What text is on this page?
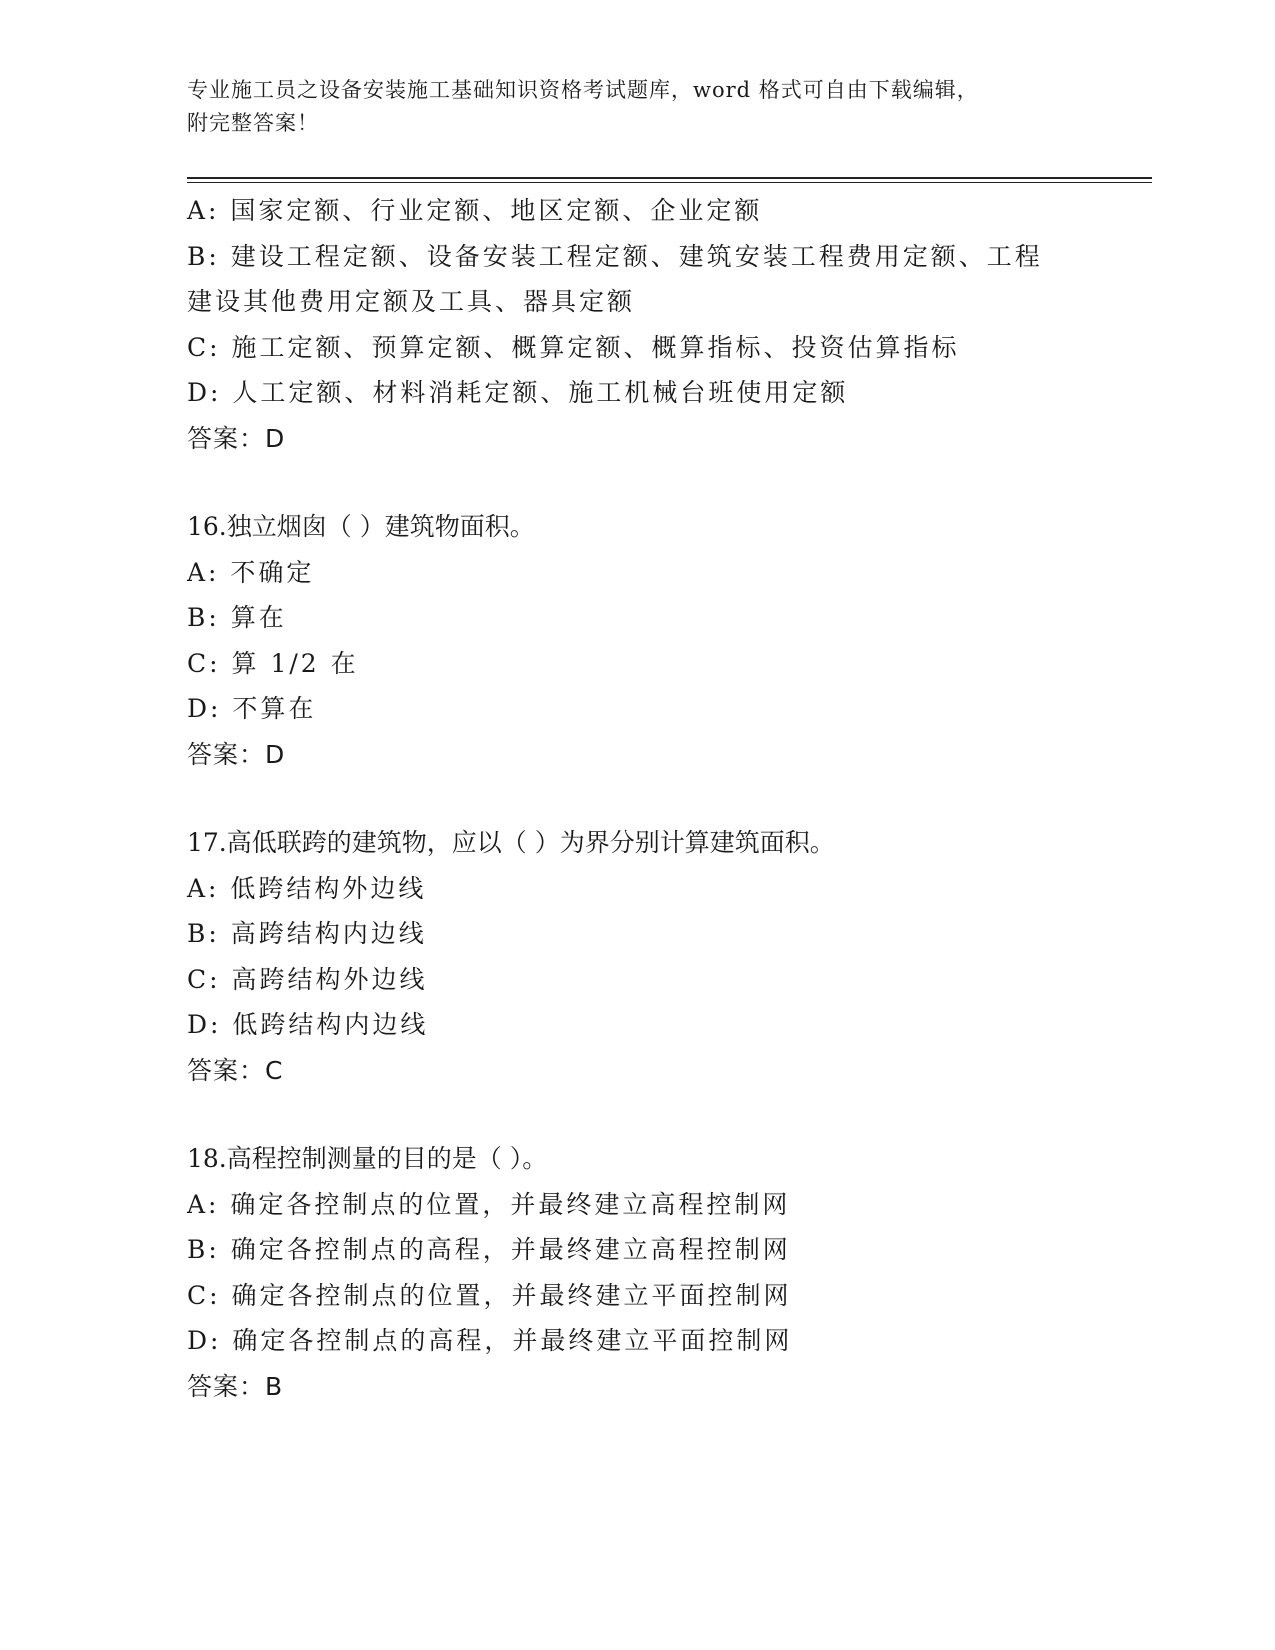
专业施工员之设备安装施工基础知识资格考试题库，word 格式可自由下载编辑，
附完整答案！
A: 国家定额、行业定额、地区定额、企业定额
B: 建设工程定额、设备安装工程定额、建筑安装工程费用定额、工程
建设其他费用定额及工具、器具定额
C: 施工定额、预算定额、概算定额、概算指标、投资估算指标
D: 人工定额、材料消耗定额、施工机械台班使用定额
答案：D
16.独立烟囱（ ）建筑物面积。
A: 不确定
B: 算在
C: 算 1/2 在
D: 不算在
答案：D
17.高低联跨的建筑物，应以（ ）为界分别计算建筑面积。
A: 低跨结构外边线
B: 高跨结构内边线
C: 高跨结构外边线
D: 低跨结构内边线
答案：C
18.高程控制测量的目的是（ ）。
A: 确定各控制点的位置，并最终建立高程控制网
B: 确定各控制点的高程，并最终建立高程控制网
C: 确定各控制点的位置，并最终建立平面控制网
D: 确定各控制点的高程，并最终建立平面控制网
答案：B
